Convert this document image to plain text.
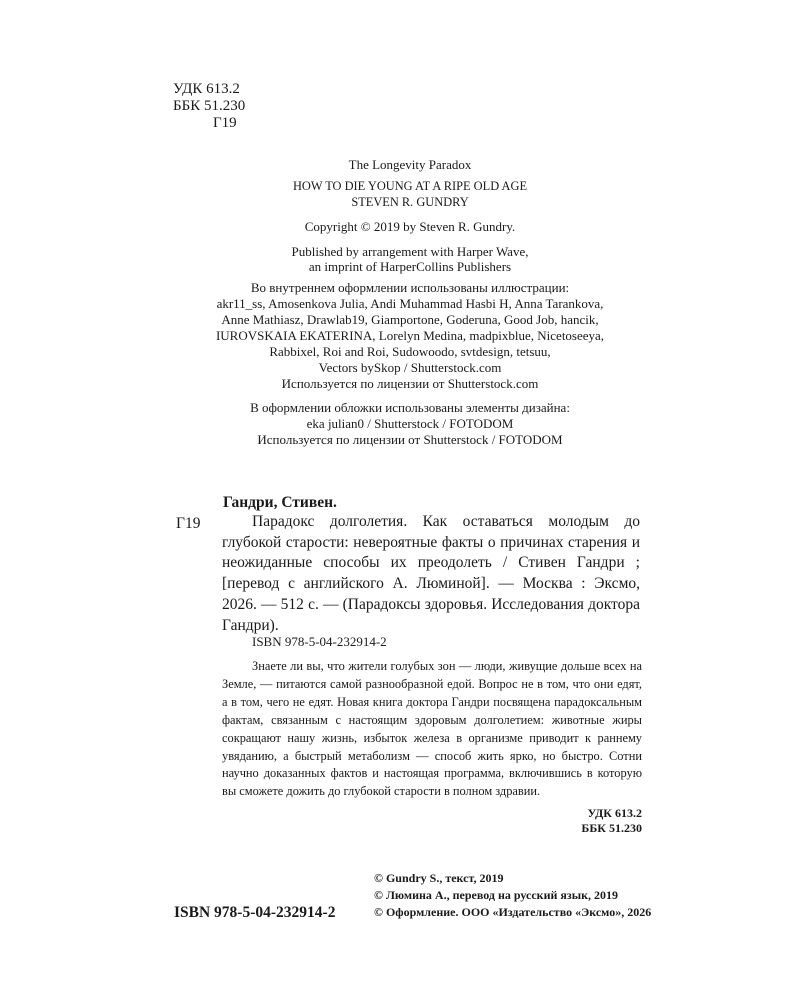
УДК 613.2
ББК 51.230
Г19
The Longevity Paradox
HOW TO DIE YOUNG AT A RIPE OLD AGE
STEVEN R. GUNDRY
Copyright © 2019 by Steven R. Gundry.
Published by arrangement with Harper Wave,
an imprint of HarperCollins Publishers
Во внутреннем оформлении использованы иллюстрации:
akr11_ss, Amosenkova Julia, Andi Muhammad Hasbi H, Anna Tarankova,
Anne Mathiasz, Drawlab19, Giamportone, Goderuna, Good Job, hancik,
IUROVSKAIA EKATERINA, Lorelyn Medina, madpixblue, Nicetoseeya,
Rabbixel, Roi and Roi, Sudowoodo, svtdesign, tetsuu,
Vectors bySkop / Shutterstock.com
Используется по лицензии от Shutterstock.com
В оформлении обложки использованы элементы дизайна:
eka julian0 / Shutterstock / FOTODOM
Используется по лицензии от Shutterstock / FOTODOM
Гандри, Стивен.
Г19	Парадокс долголетия. Как оставаться молодым до глубокой старости: невероятные факты о причинах старения и неожиданные способы их преодолеть / Стивен Гандри ; [перевод с английского А. Люминой]. — Москва : Эксмо, 2026. — 512 с. — (Парадоксы здоровья. Исследования доктора Гандри).
ISBN 978-5-04-232914-2
Знаете ли вы, что жители голубых зон — люди, живущие дольше всех на Земле, — питаются самой разнообразной едой. Вопрос не в том, что они едят, а в том, чего не едят. Новая книга доктора Гандри посвящена парадоксальным фактам, связанным с настоящим здоровым долголетием: животные жиры сокращают нашу жизнь, избыток железа в организме приводит к раннему увяданию, а быстрый метаболизм — способ жить ярко, но быстро. Сотни научно доказанных фактов и настоящая программа, включившись в которую вы сможете дожить до глубокой старости в полном здравии.
УДК 613.2
ББК 51.230
© Gundry S., текст, 2019
© Люмина А., перевод на русский язык, 2019
© Оформление. ООО «Издательство «Эксмо», 2026
ISBN 978-5-04-232914-2
